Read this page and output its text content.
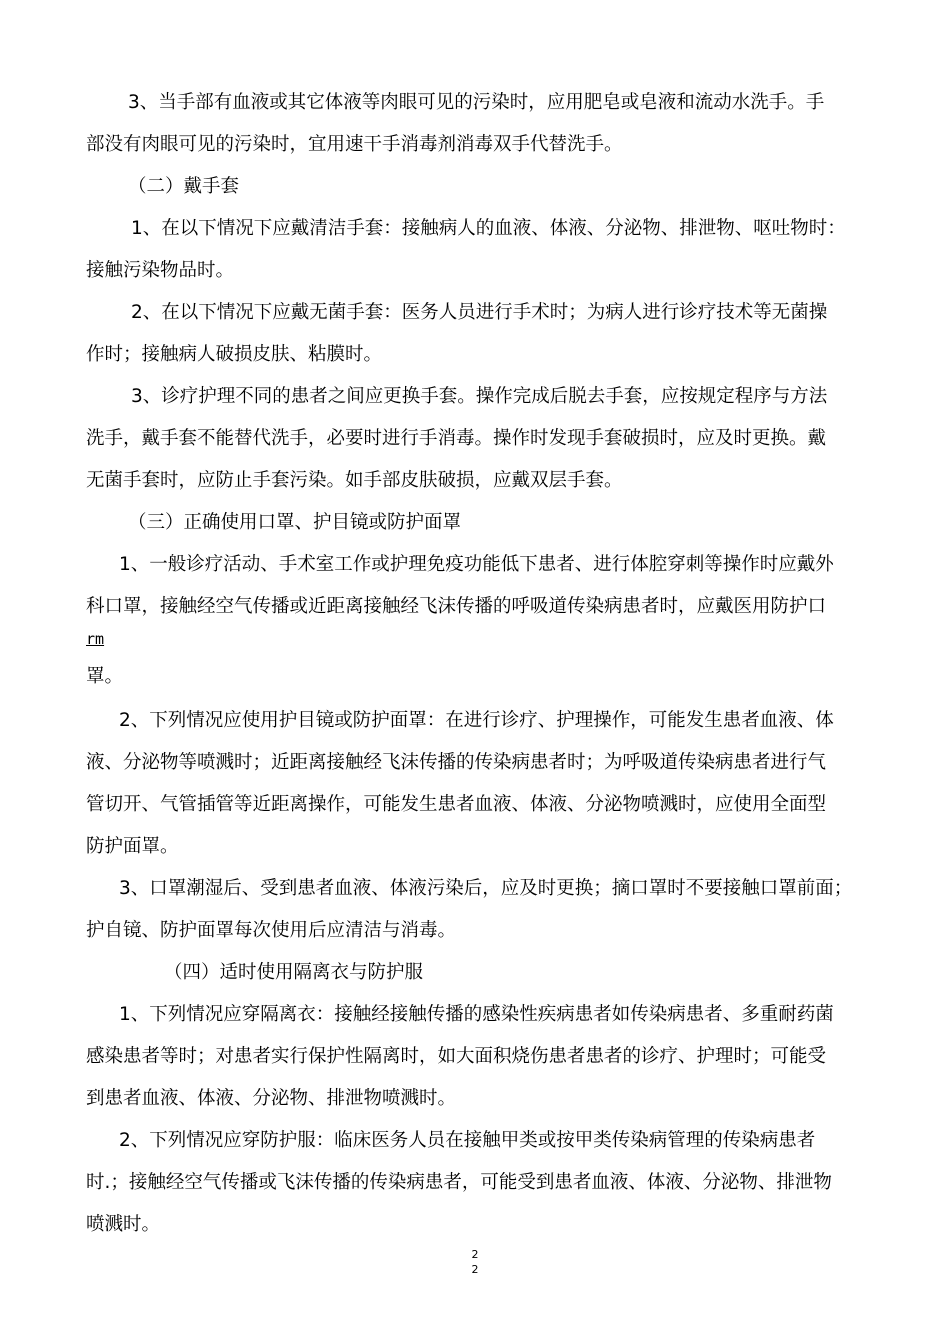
3、当手部有血液或其它体液等肉眼可见的污染时，应用肥皂或皂液和流动水洗手。手

部没有肉眼可见的污染时，宜用速干手消毒剂消毒双手代替洗手。

（二）戴手套

1、在以下情况下应戴清洁手套：接触病人的血液、体液、分泌物、排泄物、呕吐物时：

接触污染物品时。

2、在以下情况下应戴无菌手套：医务人员进行手术时；为病人进行诊疗技术等无菌操

作时；接触病人破损皮肤、粘膜时。

3、诊疗护理不同的患者之间应更换手套。操作完成后脱去手套，应按规定程序与方法

洗手，戴手套不能替代洗手，必要时进行手消毒。操作时发现手套破损时，应及时更换。戴

无菌手套时，应防止手套污染。如手部皮肤破损，应戴双层手套。

（三）正确使用口罩、护目镜或防护面罩

1、一般诊疗活动、手术室工作或护理免疫功能低下患者、进行体腔穿刺等操作时应戴外

科口罩，接触经空气传播或近距离接触经飞沫传播的呼吸道传染病患者时，应戴医用防护口

rm

罩。

2、下列情况应使用护目镜或防护面罩：在进行诊疗、护理操作，可能发生患者血液、体

液、分泌物等喷溅时；近距离接触经飞沫传播的传染病患者时；为呼吸道传染病患者进行气

管切开、气管插管等近距离操作，可能发生患者血液、体液、分泌物喷溅时，应使用全面型

防护面罩。

3、口罩潮湿后、受到患者血液、体液污染后，应及时更换；摘口罩时不要接触口罩前面；

护自镜、防护面罩每次使用后应清洁与消毒。

（四）适时使用隔离衣与防护服

1、下列情况应穿隔离衣：接触经接触传播的感染性疾病患者如传染病患者、多重耐药菌

感染患者等时；对患者实行保护性隔离时，如大面积烧伤患者患者的诊疗、护理时；可能受

到患者血液、体液、分泌物、排泄物喷溅时。

2、下列情况应穿防护服：临床医务人员在接触甲类或按甲类传染病管理的传染病患者

时.；接触经空气传播或飞沫传播的传染病患者，可能受到患者血液、体液、分泌物、排泄物

喷溅时。

2
2
